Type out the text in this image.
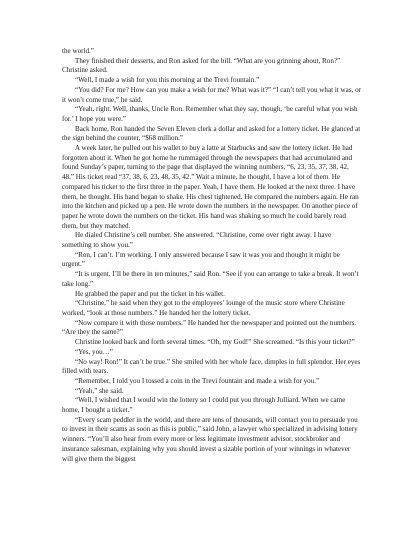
the world.”

They finished their desserts, and Ron asked for the bill. “What are you grinning about, Ron?” Christine asked.

“Well, I made a wish for you this morning at the Trevi fountain.”

“You did? For me? How can you make a wish for me? What was it?” “I can’t tell you what it was, or it won’t come true,” he said.

“Yeah, right. Well, thanks, Uncle Ron. Remember what they say, though, ‘be careful what you wish for.’ I hope you were.”

Back home, Ron handed the Seven Eleven clerk a dollar and asked for a lottery ticket. He glanced at the sign behind the counter, “$68 million.”

A week later, he pulled out his wallet to buy a latte at Starbucks and saw the lottery ticket. He had forgotten about it. When he got home he rummaged through the newspapers that had accumulated and found Sunday’s paper, turning to the page that displayed the winning numbers, “6, 23, 35, 37, 38, 42, 48.” His ticket read “37, 38, 6, 23, 48, 35, 42.” Wait a minute, he thought, I have a lot of them. He compared his ticket to the first three in the paper. Yeah, I have them. He looked at the next three. I have them, he thought. His hand began to shake. His chest tightened. He compared the numbers again. He ran into the kitchen and picked up a pen. He wrote down the numbers in the newspaper. On another piece of paper he wrote down the numbers on the ticket. His hand was shaking so much he could barely read them, but they matched.

He dialed Christine’s cell number. She answered. “Christine, come over right away. I have something to show you.”

“Ron, I can’t. I’m working. I only answered because I saw it was you and thought it might be urgent.”

“It is urgent. I’ll be there in ten minutes,” said Ron. “See if you can arrange to take a break. It won’t take long.”

He grabbed the paper and put the ticket in his wallet.

“Christine,” he said when they got to the employees’ lounge of the music store where Christine worked, “look at those numbers.” He handed her the lottery ticket.

“Now compare it with those numbers.” He handed her the newspaper and pointed out the numbers. “Are they the same?”

Christine looked back and forth several times. “Oh, my God!” She screamed. “Is this your ticket?”

“Yes, you…”

“No way! Ron!” It can’t be true.” She smiled with her whole face, dimples in full splendor. Her eyes filled with tears.

“Remember, I told you I tossed a coin in the Trevi fountain and made a wish for you.”

“Yeah,” she said.

“Well, I wished that I would win the lottery so I could put you through Julliard. When we came home, I bought a ticket.”

“Every scam peddler in the world, and there are tens of thousands, will contact you to persuade you to invest in their scams as soon as this is public,” said John, a lawyer who specialized in advising lottery winners. “You’ll also hear from every more or less legitimate investment advisor, stockbroker and insurance salesman, explaining why you should invest a sizable portion of your winnings in whatever will give them the biggest
